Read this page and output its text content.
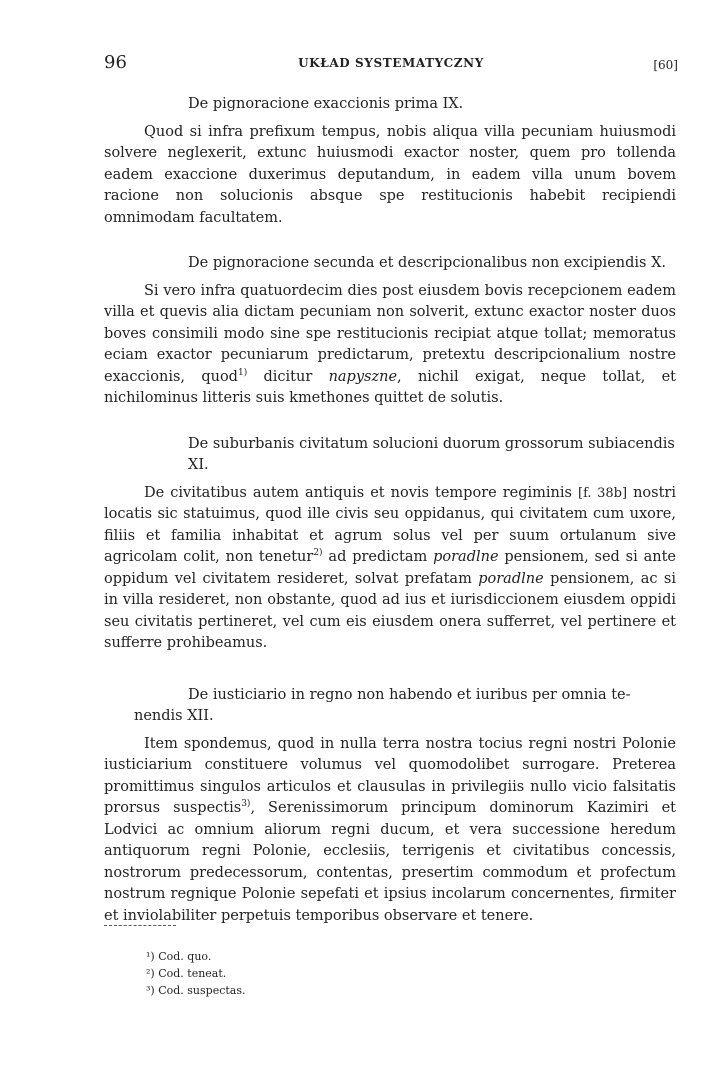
96	UKŁAD SYSTEMATYCZNY	[60]
De pignoracione exaccionis prima IX.

Quod si infra prefixum tempus, nobis aliqua villa pecuniam huiusmodi solvere neglexerit, extunc huiusmodi exactor noster, quem pro tollenda eadem exaccione duxerimus deputandum, in eadem villa unum bovem racione non solucionis absque spe restitucionis habebit recipiendi omnimodam facultatem.

De pignoracione secunda et descripcionalibus non excipiendis X.

Si vero infra quatuordecim dies post eiusdem bovis recepcionem eadem villa et quevis alia dictam pecuniam non solverit, extunc exactor noster duos boves consimili modo sine spe restitucionis recipiat atque tollat; memoratus eciam exactor pecuniarum predictarum, pretextu descripcionalium nostre exaccionis, quod$^{1)}$ dicitur napyszne, nichil exigat, neque tollat, et nichilominus litteris suis kmethones quittet de solutis.

De suburbanis civitatum solucioni duorum grossorum subiacendis XI.

De civitatibus autem antiquis et novis tempore regiminis [f. 38b] nostri locatis sic statuimus, quod ille civis seu oppidanus, qui civitatem cum uxore, filiis et familia inhabitat et agrum solus vel per suum ortulanum sive agricolam colit, non tenetur$^{2)}$ ad predictam poradlne pensionem, sed si ante oppidum vel civitatem resideret, solvat prefatam poradlne pensionem, ac si in villa resideret, non obstante, quod ad ius et iurisdiccionem eiusdem oppidi seu civitatis pertineret, vel cum eis eiusdem onera sufferret, vel pertinere et sufferre prohibeamus.

De iusticiario in regno non habendo et iuribus per omnia te-
nendis XII.

Item spondemus, quod in nulla terra nostra tocius regni nostri Polonie iusticiarium constituere volumus vel quomodolibet surrogare. Preterea promittimus singulos articulos et clausulas in privilegiis nullo vicio falsitatis prorsus suspectis$^{3)}$, Serenissimorum principum dominorum Kazimiri et Lodvici ac omnium aliorum regni ducum, et vera successione heredum antiquorum regni Polonie, ecclesiis, terrigenis et civitatibus concessis, nostrorum predecessorum, contentas, presertim commodum et profectum nostrum regnique Polonie sepefati et ipsius incolarum concernentes, firmiter et inviolabiliter perpetuis temporibus observare et tenere.

¹) Cod. quo.
²) Cod. teneat.
³) Cod. suspectas.
